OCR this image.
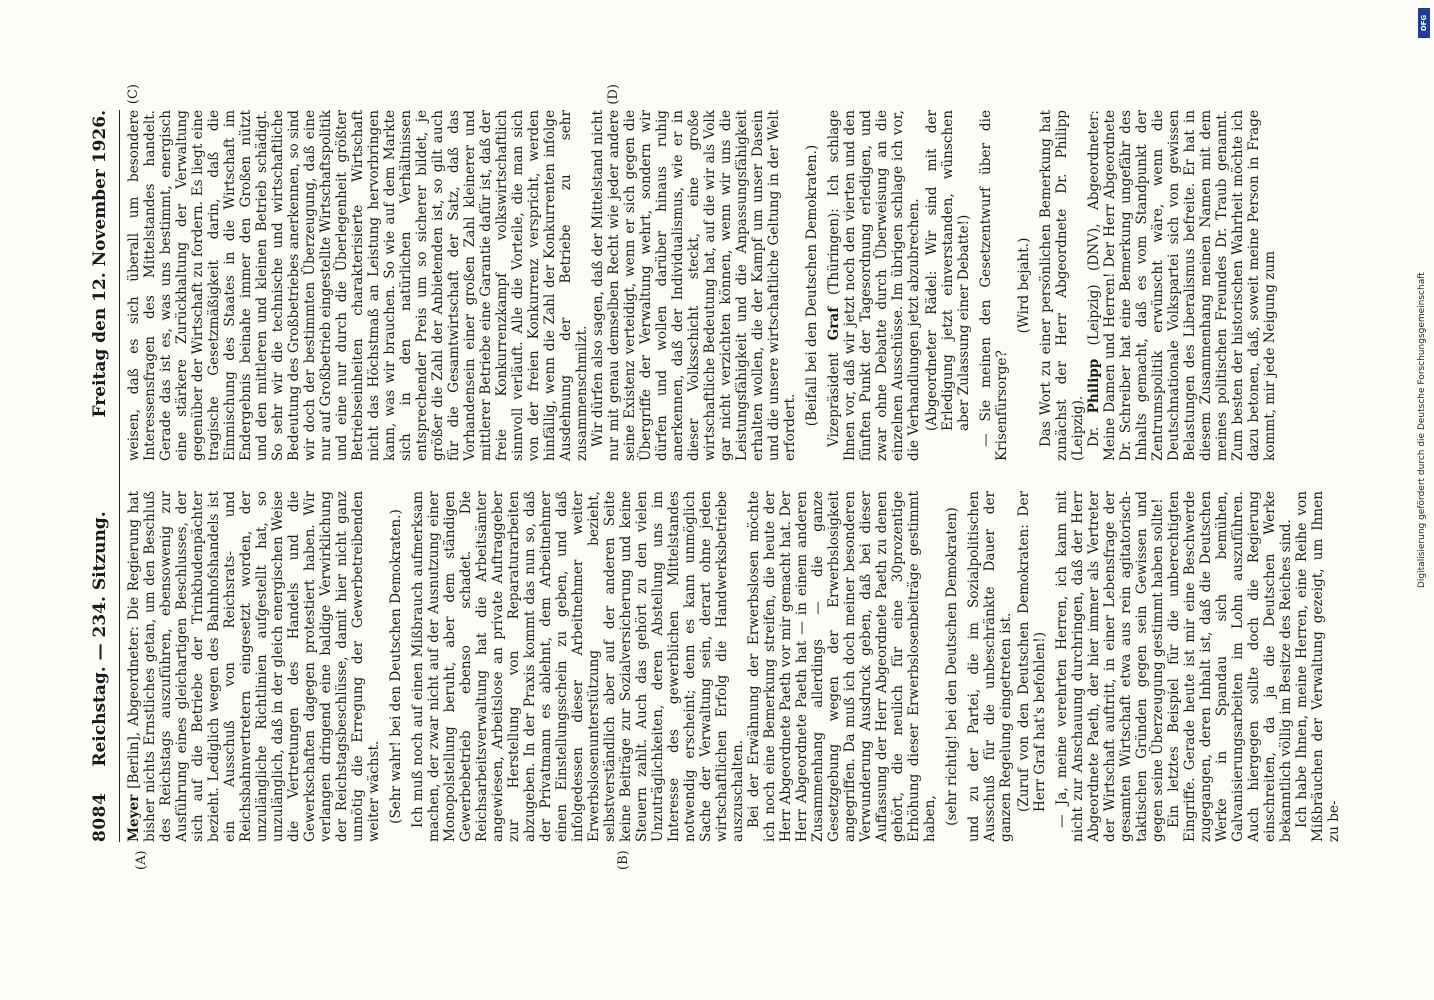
8084
Reichstag. — 234. Sitzung.
Freitag den 12. November 1926.
(A)	(B)
(C)	(D)

Meyer [Berlin], Abgeordneter: Die Regierung hat bisher nichts Ernstliches getan, um den Beschluß des Reichstags auszuführen, ebensowenig zur Ausführung eines gleichartigen Beschlusses, der sich auf die Betriebe der Trinkbudenpächter bezieht. Lediglich wegen des Bahnhofshandels ist ein Ausschuß von Reichsrats- und Reichsbahnvertretern eingesetzt worden, der unzulängliche Richtlinien aufgestellt hat, so unzulänglich, daß in der gleich energischen Weise die Vertretungen des Handels und die Gewerkschaften dagegen protestiert haben. Wir verlangen dringend eine baldige Verwirklichung der Reichstagsbeschlüsse, damit hier nicht ganz unnötig die Erregung der Gewerbetreibenden weiter wächst. (Sehr wahr! bei den Deutschen Demokraten.) Ich muß noch auf einen Mißbrauch aufmerksam machen, der zwar nicht auf der Ausnutzung einer Monopolstellung beruht, aber dem ständigen Gewerbebetrieb ebenso schadet. Die Reichsarbeitsverwaltung hat die Arbeitsämter angewiesen, Arbeitslose an private Auftraggeber zur Herstellung von Reparaturarbeiten abzugeben. In der Praxis kommt das nun so, daß der Privatmann es ablehnt, dem Arbeitnehmer einen Einstellungsschein zu geben, und daß infolgedessen dieser Arbeitnehmer weiter Erwerbslosenunterstützung bezieht, selbstverständlich aber auf der anderen Seite keine Beiträge zur Sozialversicherung und keine Steuern zahlt. Auch das gehört zu den vielen Unzuträglichkeiten, deren Abstellung uns im Interesse des gewerblichen Mittelstandes notwendig erscheint; denn es kann unmöglich Sache der Verwaltung sein, derart ohne jeden wirtschaftlichen Erfolg die Handwerksbetriebe auszuschalten. Bei der Erwähnung der Erwerbslosen möchte ich noch eine Bemerkung streifen, die heute der Herr Abgeordnete Paeth vor mir gemacht hat. Der Herr Abgeordnete Paeth hat — in einem anderen Zusammenhang allerdings — die ganze Gesetzgebung wegen der Erwerbslosigkeit angegriffen. Da muß ich doch meiner besonderen Verwunderung Ausdruck geben, daß bei dieser Auffassung der Herr Abgeordnete Paeth zu denen gehört, die neulich für eine 30prozentige Erhöhung dieser Erwerbslosenbeiträge gestimmt haben, (sehr richtig! bei den Deutschen Demokraten) und zu der Partei, die im Sozialpolitischen Ausschuß für die unbeschränkte Dauer der ganzen Regelung eingetreten ist. (Zuruf von den Deutschen Demokraten: Der Herr Graf hat's befohlen!) — Ja, meine verehrten Herren, ich kann mit nicht zur Anschauung durchringen, daß der Herr Abgeordnete Paeth, der hier immer als Vertreter der Wirtschaft auftritt, in einer Lebensfrage der gesamten Wirtschaft etwa aus rein agitatorisch-taktischen Gründen gegen sein Gewissen und gegen seine Überzeugung gestimmt haben sollte! Ein letztes Beispiel für die unberechtigten Eingriffe. Gerade heute ist mir eine Beschwerde zugegangen, deren Inhalt ist, daß die Deutschen Werke in Spandau sich bemühen, Galvanisierungsarbeiten im Lohn auszuführen. Auch hiergegen sollte doch die Regierung einschreiten, da ja die Deutschen Werke bekanntlich völlig im Besitze des Reiches sind. Ich habe Ihnen, meine Herren, eine Reihe von Mißbräuchen der Verwaltung gezeigt, um Ihnen zu be-

weisen, daß es sich überall um besondere Interessensfragen des Mittelstandes handelt. Gerade das ist es, was uns bestimmt, energisch eine stärkere Zurückhaltung der Verwaltung gegenüber der Wirtschaft zu fordern. Es liegt eine tragische Gesetzmäßigkeit darin, daß die Einmischung des Staates in die Wirtschaft im Endergebnis beinahe immer den Großen nützt und den mittleren und kleinen Betrieb schädigt. So sehr wir die technische und wirtschaftliche Bedeutung des Großbetriebes anerkennen, so sind wir doch der bestimmten Überzeugung, daß eine nur auf Großbetrieb eingestellte Wirtschaftspolitik und eine nur durch die Überlegenheit größter Betriebseinheiten charakterisierte Wirtschaft nicht das Höchstmaß an Leistung hervorbringen kann, was wir brauchen. So wie auf dem Markte sich in den natürlichen Verhältnissen entsprechender Preis um so sicherer bildet, je größer die Zahl der Anbietenden ist, so gilt auch für die Gesamtwirtschaft der Satz, daß das Vorhandensein einer großen Zahl kleinerer und mittlerer Betriebe eine Garantie dafür ist, daß der freie Konkurrenzkampf volkswirtschaftlich sinnvoll verläuft. Alle die Vorteile, die man sich von der freien Konkurrenz verspricht, werden hinfällig, wenn die Zahl der Konkurrenten infolge Ausdehnung der Betriebe zu sehr zusammenschmilzt. Wir dürfen also sagen, daß der Mittelstand nicht nur mit genau demselben Recht wie jeder andere seine Existenz verteidigt, wenn er sich gegen die Übergriffe der Verwaltung wehrt, sondern wir dürfen und wollen darüber hinaus ruhig anerkennen, daß der Individualismus, wie er in dieser Volksschicht steckt, eine große wirtschaftliche Bedeutung hat, auf die wir als Volk gar nicht verzichten können, wenn wir uns die Leistungsfähigkeit und die Anpassungsfähigkeit erhalten wollen, die der Kampf um unser Dasein und die unsere wirtschaftliche Geltung in der Welt erfordert.

(Beifall bei den Deutschen Demokraten.) Vizepräsident Graf (Thüringen): Ich schlage Ihnen vor, daß wir jetzt noch den vierten und den fünften Punkt der Tagesordnung erledigen, und zwar ohne Debatte durch Überweisung an die einzelnen Ausschüsse. Im übrigen schlage ich vor, die Verhandlungen jetzt abzubrechen. (Abgeordneter Rädel: Wir sind mit der Erledigung jetzt einverstanden, wünschen aber Zulassung einer Debatte!) — Sie meinen den Gesetzentwurf über die Krisenfürsorge?

(Wird bejaht.) Das Wort zu einer persönlichen Bemerkung hat zunächst der Herr Abgeordnete Dr. Philipp (Leipzig). Dr. Philipp (Leipzig) (DNV), Abgeordneter: Meine Damen und Herren! Der Herr Abgeordnete Dr. Schreiber hat eine Bemerkung ungefähr des Inhalts gemacht, daß es vom Standpunkt der Zentrumspolitik erwünscht wäre, wenn die Deutschnationale Volkspartei sich von gewissen Belastungen des Liberalismus befreite. Er hat in diesem Zusammenhang meinen Namen mit dem meines politischen Freundes Dr. Traub genannt. Zum besten der historischen Wahrheit möchte ich dazu betonen, daß, soweit meine Person in Frage kommt, mir jede Neigung zum

DFG
Digitalisierung gefördert durch die Deutsche Forschungsgemeinschaft
